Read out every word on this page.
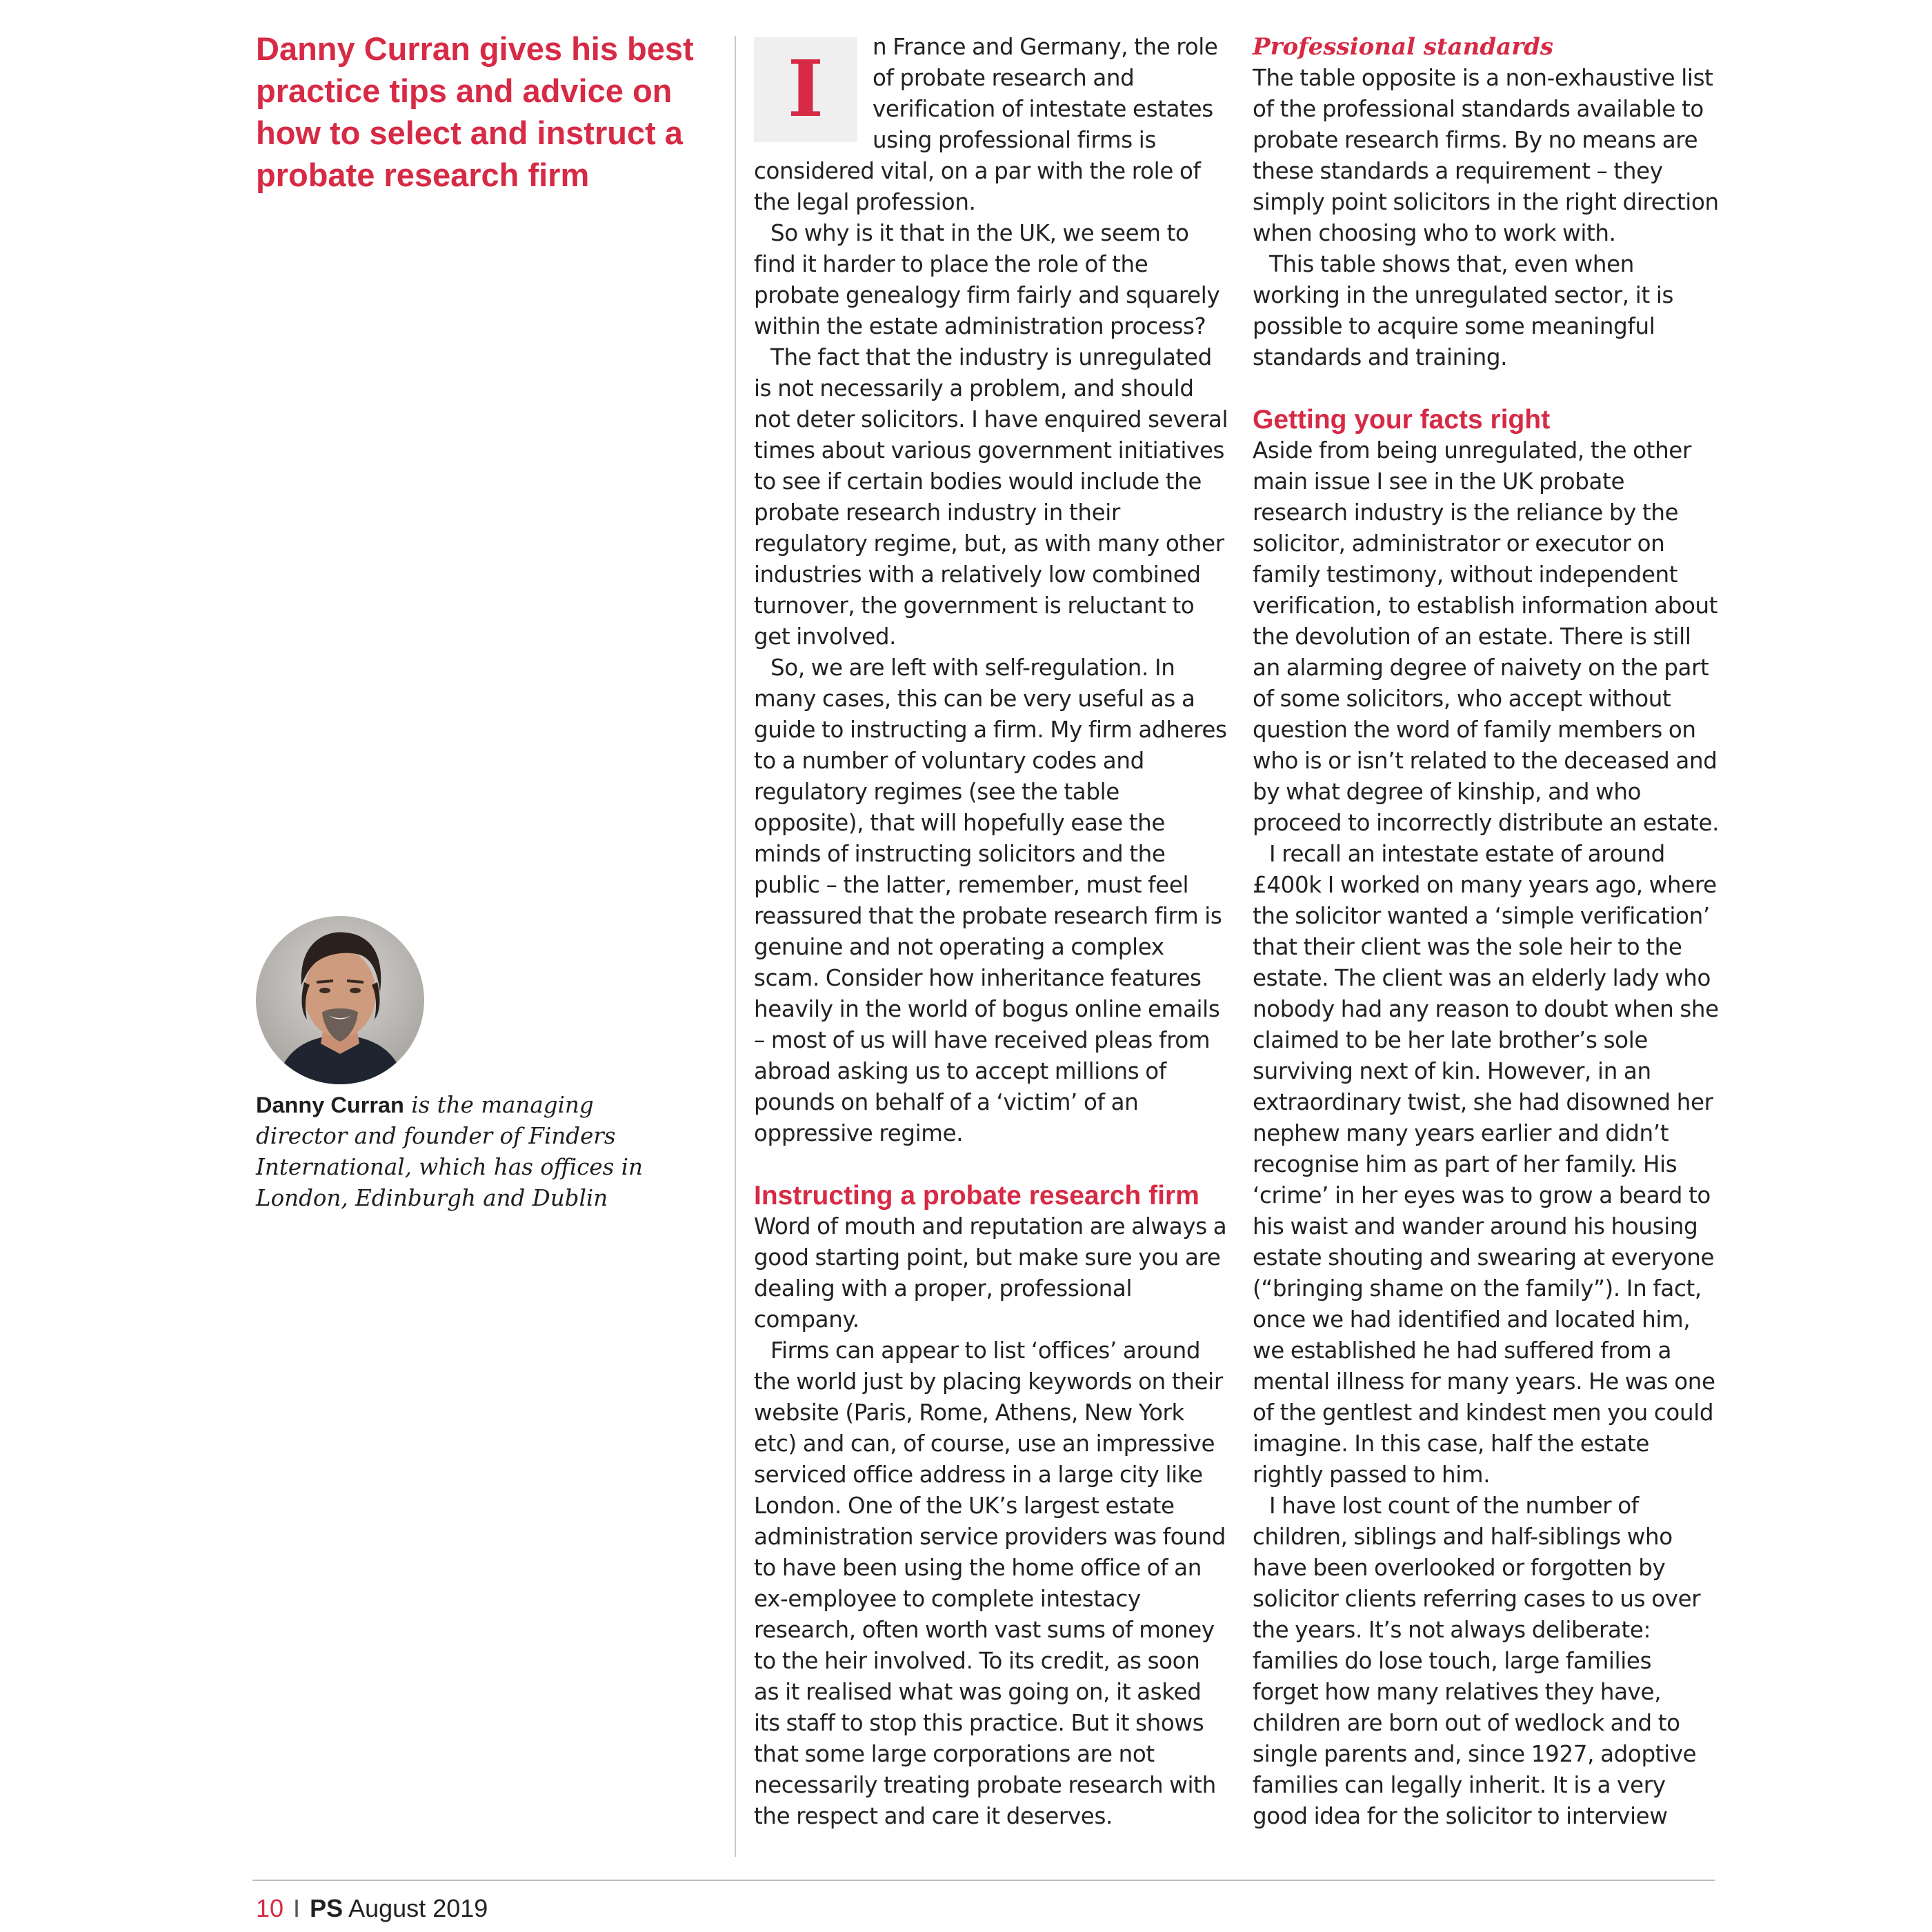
Danny Curran gives his best practice tips and advice on how to select and instruct a probate research firm
Danny Curran is the managing director and founder of Finders International, which has offices in London, Edinburgh and Dublin
I	n France and Germany, the role of probate research and verification of intestate estates using professional firms is considered vital, on a par with the role of the legal profession.

So why is it that in the UK, we seem to find it harder to place the role of the probate genealogy firm fairly and squarely within the estate administration process?

The fact that the industry is unregulated is not necessarily a problem, and should not deter solicitors. I have enquired several times about various government initiatives to see if certain bodies would include the probate research industry in their regulatory regime, but, as with many other industries with a relatively low combined turnover, the government is reluctant to get involved.

So, we are left with self-regulation. In many cases, this can be very useful as a guide to instructing a firm. My firm adheres to a number of voluntary codes and regulatory regimes (see the table opposite), that will hopefully ease the minds of instructing solicitors and the public – the latter, remember, must feel reassured that the probate research firm is genuine and not operating a complex scam. Consider how inheritance features heavily in the world of bogus online emails – most of us will have received pleas from abroad asking us to accept millions of pounds on behalf of a ‘victim’ of an oppressive regime.

Instructing a probate research firm

Word of mouth and reputation are always a good starting point, but make sure you are dealing with a proper, professional company.

Firms can appear to list ‘offices’ around the world just by placing keywords on their website (Paris, Rome, Athens, New York etc) and can, of course, use an impressive serviced office address in a large city like London. One of the UK’s largest estate administration service providers was found to have been using the home office of an ex-employee to complete intestacy research, often worth vast sums of money to the heir involved. To its credit, as soon as it realised what was going on, it asked its staff to stop this practice. But it shows that some large corporations are not necessarily treating probate research with the respect and care it deserves.

Professional standards

The table opposite is a non-exhaustive list of the professional standards available to probate research firms. By no means are these standards a requirement – they simply point solicitors in the right direction when choosing who to work with.

This table shows that, even when working in the unregulated sector, it is possible to acquire some meaningful standards and training.

Getting your facts right

Aside from being unregulated, the other main issue I see in the UK probate research industry is the reliance by the solicitor, administrator or executor on family testimony, without independent verification, to establish information about the devolution of an estate. There is still an alarming degree of naivety on the part of some solicitors, who accept without question the word of family members on who is or isn’t related to the deceased and by what degree of kinship, and who proceed to incorrectly distribute an estate.

I recall an intestate estate of around £400k I worked on many years ago, where the solicitor wanted a ‘simple verification’ that their client was the sole heir to the estate. The client was an elderly lady who nobody had any reason to doubt when she claimed to be her late brother’s sole surviving next of kin. However, in an extraordinary twist, she had disowned her nephew many years earlier and didn’t recognise him as part of her family. His ‘crime’ in her eyes was to grow a beard to his waist and wander around his housing estate shouting and swearing at everyone (“bringing shame on the family”). In fact, once we had identified and located him, we established he had suffered from a mental illness for many years. He was one of the gentlest and kindest men you could imagine. In this case, half the estate rightly passed to him.

I have lost count of the number of children, siblings and half-siblings who have been overlooked or forgotten by solicitor clients referring cases to us over the years. It’s not always deliberate: families do lose touch, large families forget how many relatives they have, children are born out of wedlock and to single parents and, since 1927, adoptive families can legally inherit. It is a very good idea for the solicitor to interview

10 I PS August 2019
